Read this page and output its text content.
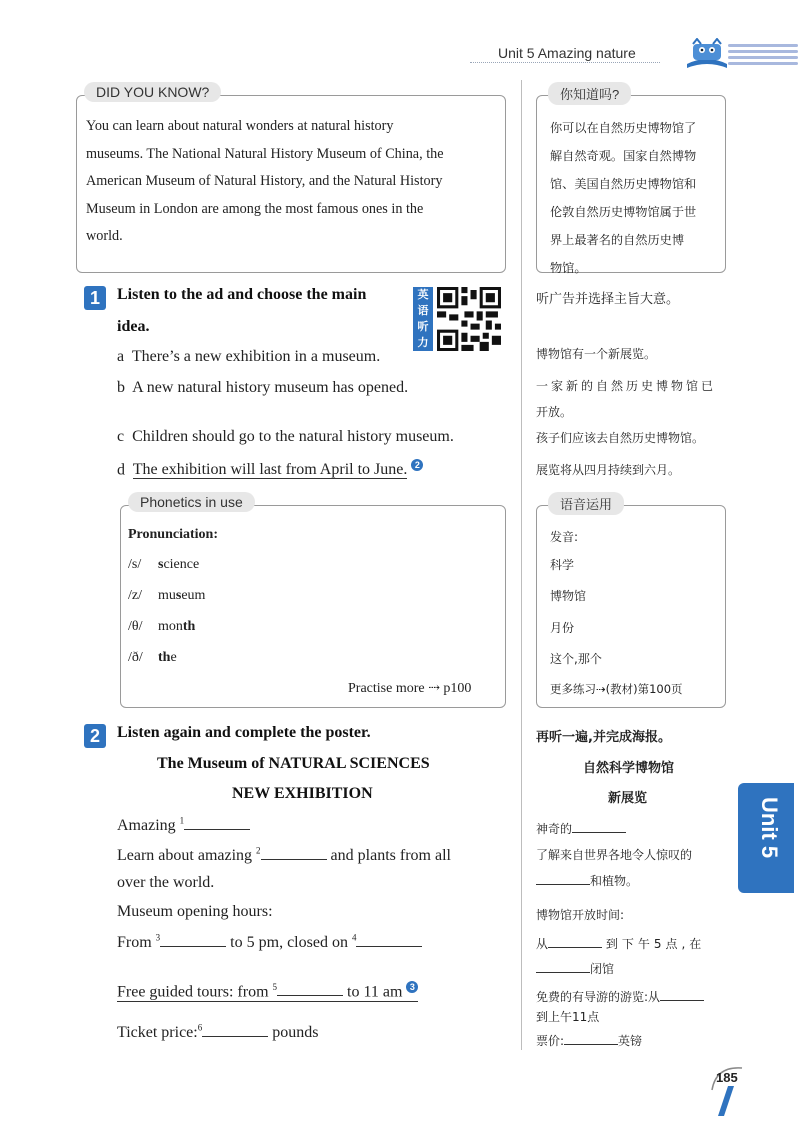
Unit 5 Amazing nature
DID YOU KNOW?
You can learn about natural wonders at natural history
museums. The National Natural History Museum of China, the
American Museum of Natural History, and the Natural History
Museum in London are among the most famous ones in the
world.
你知道吗?
你可以在自然历史博物馆了
解自然奇观。国家自然博物
馆、美国自然历史博物馆和
伦敦自然历史博物馆属于世
界上最著名的自然历史博
物馆。
1	Listen to the ad and choose the main
idea.
英语听力
听广告并选择主旨大意。
a There’s a new exhibition in a museum.
b A new natural history museum has opened.
c Children should go to the natural history museum.
d The exhibition will last from April to June. $^2$
博物馆有一个新展览。
一家新的自然历史博物馆已
开放。
孩子们应该去自然历史博物馆。
展览将从四月持续到六月。
Phonetics in use
Pronunciation:
/s/ science
/z/ museum
/θ/ month
/ð/ the
Practise more ⇢ p100
语音运用
发音:
科学
博物馆
月份
这个,那个
更多练习⇢(教材)第100页
2	Listen again and complete the poster.
The Museum of NATURAL SCIENCES
NEW EXHIBITION
Amazing $^1$
Learn about amazing $^2$	and plants from all
over the world.
Museum opening hours:
From $^3$	to 5 pm, closed on $^4$
Free guided tours: from $^5$	to 11 am $^3$
Ticket price:$^6$	pounds
再听一遍,并完成海报。
自然科学博物馆
新展览
神奇的
了解来自世界各地令人惊叹的
和植物。
博物馆开放时间:
从	到下午5点,在
闭馆
免费的有导游的游览:从
到上午11点
票价:	英镑
Unit 5
185
